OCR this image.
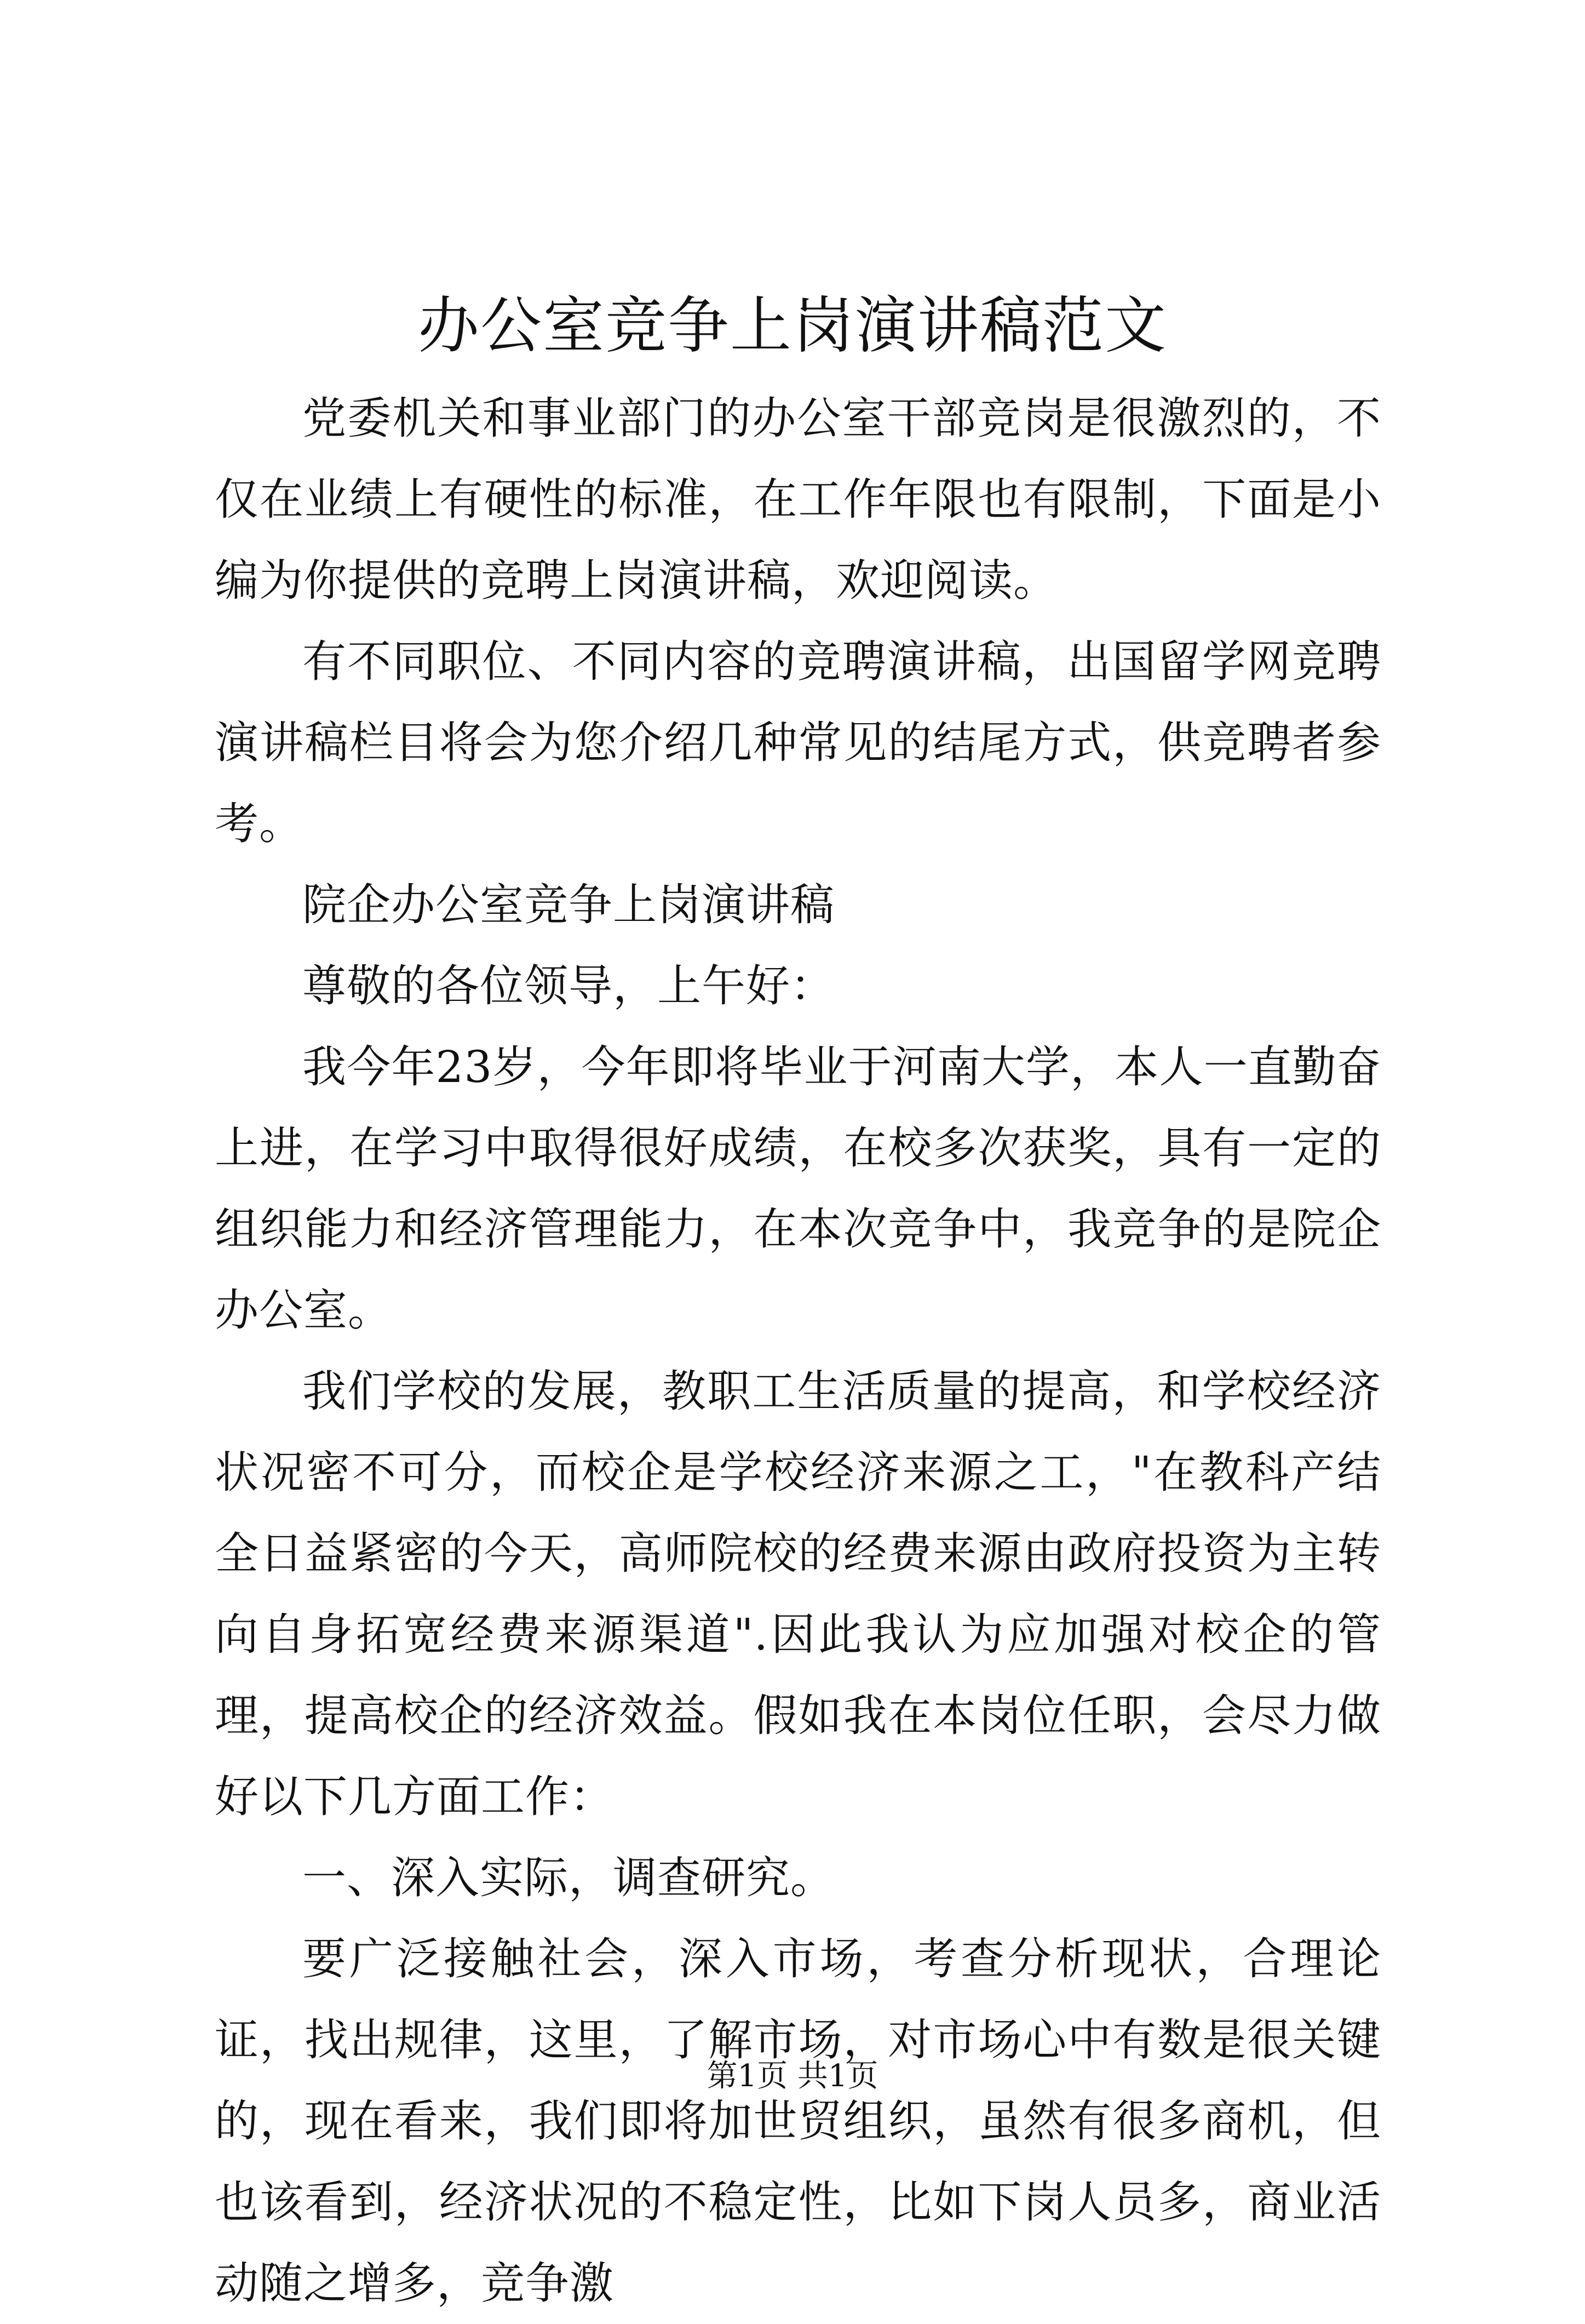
办公室竞争上岗演讲稿范文

党委机关和事业部门的办公室干部竞岗是很激烈的，不仅在业绩上有硬性的标准，在工作年限也有限制，下面是小编为你提供的竞聘上岗演讲稿，欢迎阅读。

有不同职位、不同内容的竞聘演讲稿，出国留学网竞聘演讲稿栏目将会为您介绍几种常见的结尾方式，供竞聘者参考。

院企办公室竞争上岗演讲稿

尊敬的各位领导，上午好：

我今年23岁，今年即将毕业于河南大学，本人一直勤奋上进，在学习中取得很好成绩，在校多次获奖，具有一定的组织能力和经济管理能力，在本次竞争中，我竞争的是院企办公室。

我们学校的发展，教职工生活质量的提高，和学校经济状况密不可分，而校企是学校经济来源之工，"在教科产结全日益紧密的今天，高师院校的经费来源由政府投资为主转向自身拓宽经费来源渠道".因此我认为应加强对校企的管理，提高校企的经济效益。假如我在本岗位任职，会尽力做好以下几方面工作：

一、深入实际，调查研究。

要广泛接触社会，深入市场，考查分析现状，合理论证，找出规律，这里，了解市场，对市场心中有数是很关键的，现在看来，我们即将加世贸组织，虽然有很多商机，但也该看到，经济状况的不稳定性，比如下岗人员多，商业活动随之增多，竞争激

第1页 共1页
